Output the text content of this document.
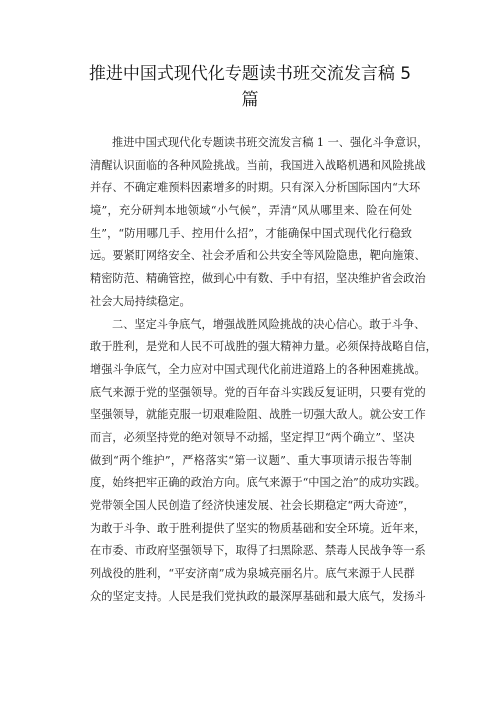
推进中国式现代化专题读书班交流发言稿 5
篇
推进中国式现代化专题读书班交流发言稿 1 一、强化斗争意识，
清醒认识面临的各种风险挑战。当前，我国进入战略机遇和风险挑战
并存、不确定难预料因素增多的时期。只有深入分析国际国内“大环
境”，充分研判本地领域“小气候”，弄清“风从哪里来、险在何处
生”，“防用哪几手、控用什么招”，才能确保中国式现代化行稳致
远。要紧盯网络安全、社会矛盾和公共安全等风险隐患，靶向施策、
精密防范、精确管控，做到心中有数、手中有招，坚决维护省会政治
社会大局持续稳定。
二、坚定斗争底气，增强战胜风险挑战的决心信心。敢于斗争、
敢于胜利，是党和人民不可战胜的强大精神力量。必须保持战略自信，
增强斗争底气，全力应对中国式现代化前进道路上的各种困难挑战。
底气来源于党的坚强领导。党的百年奋斗实践反复证明，只要有党的
坚强领导，就能克服一切艰难险阻、战胜一切强大敌人。就公安工作
而言，必须坚持党的绝对领导不动摇，坚定捍卫“两个确立”、坚决
做到“两个维护”，严格落实“第一议题”、重大事项请示报告等制
度，始终把牢正确的政治方向。底气来源于“中国之治”的成功实践。
党带领全国人民创造了经济快速发展、社会长期稳定“两大奇迹”，
为敢于斗争、敢于胜利提供了坚实的物质基础和安全环境。近年来，
在市委、市政府坚强领导下，取得了扫黑除恶、禁毒人民战争等一系
列战役的胜利，“平安济南”成为泉城亮丽名片。底气来源于人民群
众的坚定支持。人民是我们党执政的最深厚基础和最大底气，发扬斗
